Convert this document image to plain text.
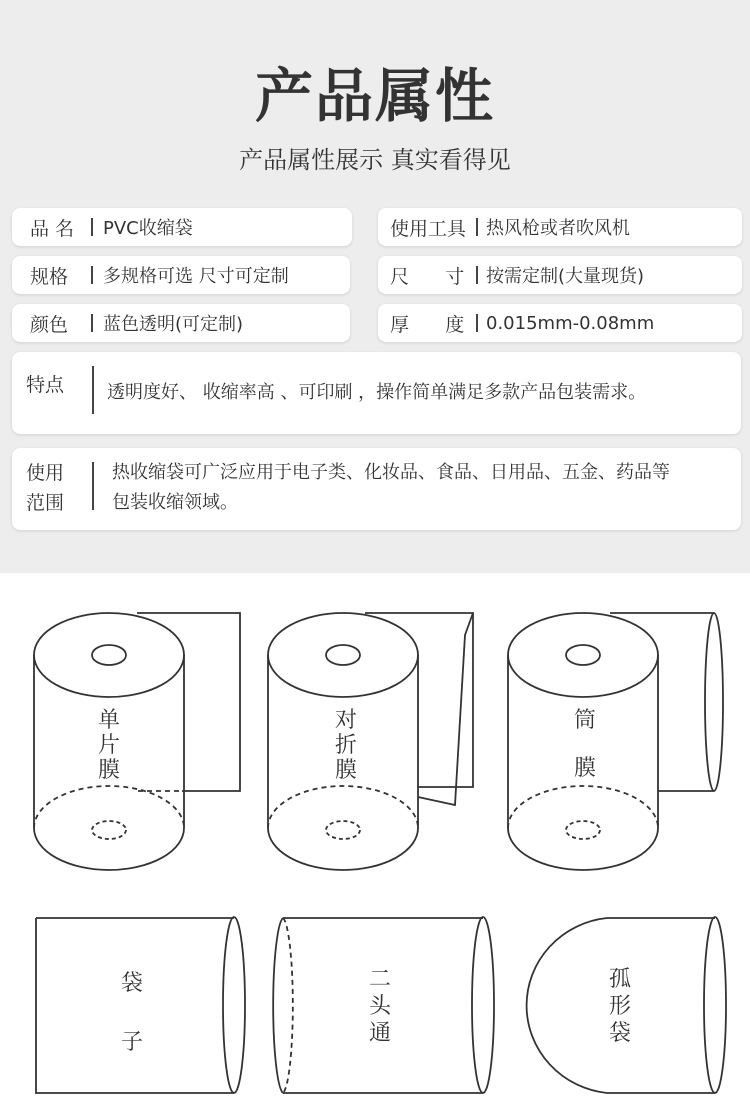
产品属性
产品属性展示 真实看得见
品 名 PVC收缩袋	使用工具 热风枪或者吹风机
规格 多规格可选 尺寸可定制	尺      寸 按需定制(大量现货)
颜色 蓝色透明(可定制)	厚      度 0.015mm-0.08mm
特点 透明度好、 收缩率高 、可印刷 ，操作简单满足多款产品包装需求。
使用
范围
热收缩袋可广泛应用于电子类、化妆品、食品、日用品、五金、药品等
包装收缩领域。
单
片
膜
对
折
膜
筒
膜
袋
子
二
头
通
孤
形
袋
